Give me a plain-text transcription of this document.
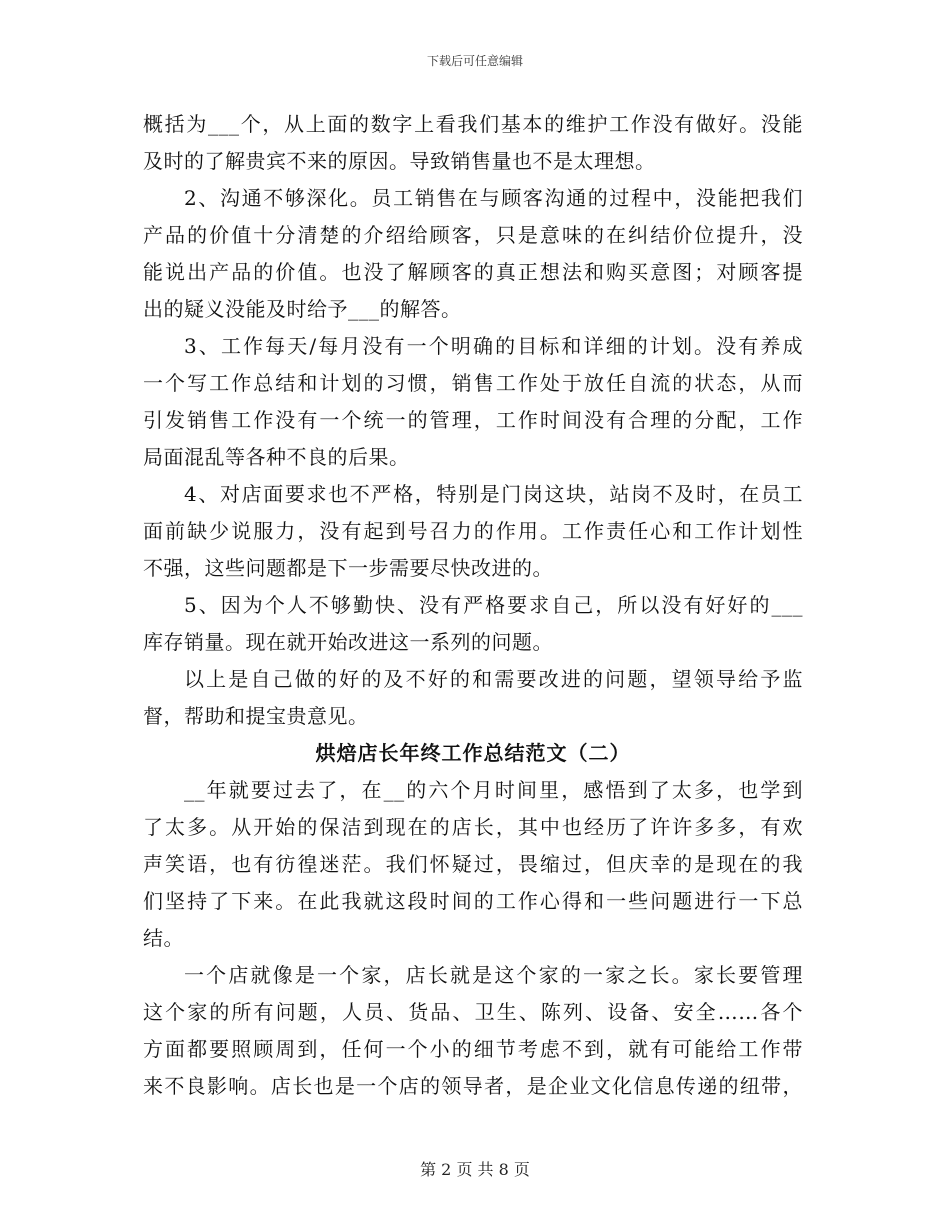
下载后可任意编辑
概括为___个，从上面的数字上看我们基本的维护工作没有做好。没能
及时的了解贵宾不来的原因。导致销售量也不是太理想。
2、沟通不够深化。员工销售在与顾客沟通的过程中，没能把我们
产品的价值十分清楚的介绍给顾客，只是意味的在纠结价位提升，没
能说出产品的价值。也没了解顾客的真正想法和购买意图；对顾客提
出的疑义没能及时给予___的解答。
3、工作每天/每月没有一个明确的目标和详细的计划。没有养成
一个写工作总结和计划的习惯，销售工作处于放任自流的状态，从而
引发销售工作没有一个统一的管理，工作时间没有合理的分配，工作
局面混乱等各种不良的后果。
4、对店面要求也不严格，特别是门岗这块，站岗不及时，在员工
面前缺少说服力，没有起到号召力的作用。工作责任心和工作计划性
不强，这些问题都是下一步需要尽快改进的。
5、因为个人不够勤快、没有严格要求自己，所以没有好好的___
库存销量。现在就开始改进这一系列的问题。
以上是自己做的好的及不好的和需要改进的问题，望领导给予监
督，帮助和提宝贵意见。
烘焙店长年终工作总结范文（二）
__年就要过去了，在__的六个月时间里，感悟到了太多，也学到
了太多。从开始的保洁到现在的店长，其中也经历了许许多多，有欢
声笑语，也有彷徨迷茫。我们怀疑过，畏缩过，但庆幸的是现在的我
们坚持了下来。在此我就这段时间的工作心得和一些问题进行一下总
结。
一个店就像是一个家，店长就是这个家的一家之长。家长要管理
这个家的所有问题，人员、货品、卫生、陈列、设备、安全……各个
方面都要照顾周到，任何一个小的细节考虑不到，就有可能给工作带
来不良影响。店长也是一个店的领导者，是企业文化信息传递的纽带，
第 2 页 共 8 页
